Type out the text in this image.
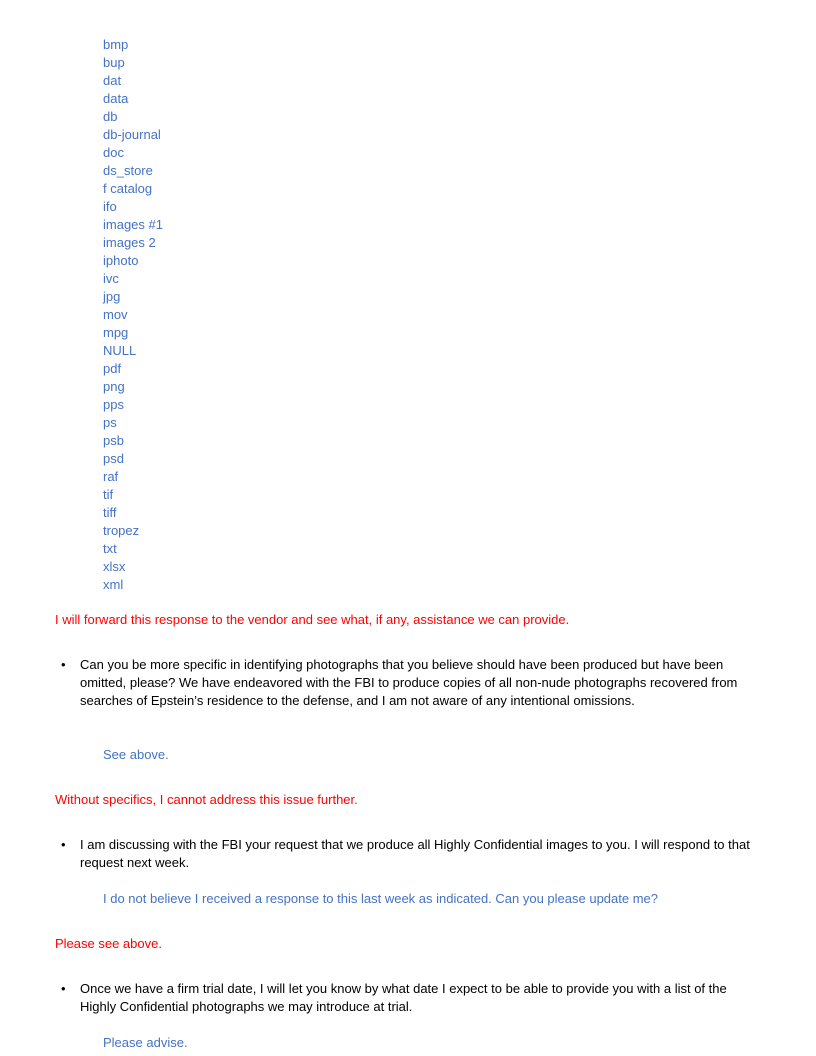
bmp
bup
dat
data
db
db-journal
doc
ds_store
f catalog
ifo
images #1
images 2
iphoto
ivc
jpg
mov
mpg
NULL
pdf
png
pps
ps
psb
psd
raf
tif
tiff
tropez
txt
xlsx
xml
I will forward this response to the vendor and see what, if any, assistance we can provide.
•	Can you be more specific in identifying photographs that you believe should have been produced but have been omitted, please? We have endeavored with the FBI to produce copies of all non-nude photographs recovered from searches of Epstein’s residence to the defense, and I am not aware of any intentional omissions.
See above.
Without specifics, I cannot address this issue further.
•	I am discussing with the FBI your request that we produce all Highly Confidential images to you. I will respond to that request next week.
I do not believe I received a response to this last week as indicated. Can you please update me?
Please see above.
•	Once we have a firm trial date, I will let you know by what date I expect to be able to provide you with a list of the Highly Confidential photographs we may introduce at trial.
Please advise.
